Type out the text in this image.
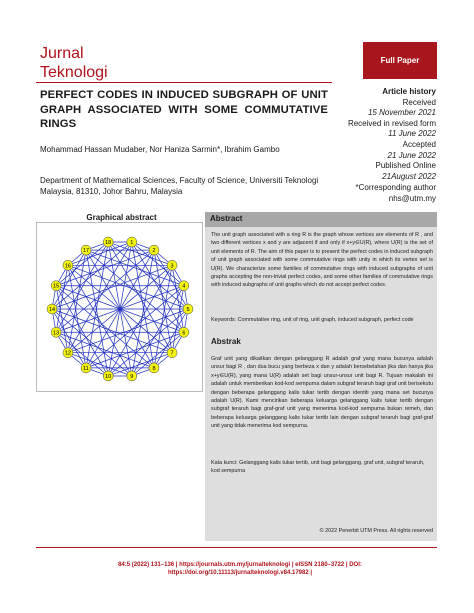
Jurnal
Teknologi
Full Paper
PERFECT CODES IN INDUCED SUBGRAPH OF UNIT GRAPH ASSOCIATED WITH SOME COMMUTATIVE RINGS
Mohammad Hassan Mudaber, Nor Haniza Sarmin*, Ibrahim Gambo
Department of Mathematical Sciences, Faculty of Science, Universiti Teknologi Malaysia, 81310, Johor Bahru, Malaysia
Article history
Received
15 November 2021
Received in revised form
11 June 2022
Accepted
21 June 2022
Published Online
21August 2022
*Corresponding author
nhs@utm.my
Graphical abstract
1
2
3
4
5
6
7
8
9
10
11
12
13
14
15
16
17
18
Abstract
The unit graph associated with a ring R is the graph whose vertices are elements of R , and two different vertices x and y are adjacent if and only if x+y∈U(R), where U(R) is the set of unit elements of R. The aim of this paper is to present the perfect codes in induced subgraph of unit graph associated with some commutative rings with unity in which its vertex set is U(R). We characterize some families of commutative rings with induced subgraphs of unit graphs accepting the non-trivial perfect codes, and some other families of commutative rings with induced subgraphs of unit graphs which do not accept perfect codes.
Keywords: Commutative ring, unit of ring, unit graph, induced subgraph, perfect code
Abstrak
Graf unit yang dikaitkan dengan gelanggang R adalah graf yang mana bucunya adalah unsur bagi R , dan dua bucu yang berbeza x dan y adalah bersebelahan jika dan hanya jika x+y∈U(R), yang mana U(R) adalah set bagi unsur-unsur unit bagi R. Tujuan makalah ini adalah untuk memberikan kod-kod sempurna dalam subgraf teraruh bagi graf unit berisekutu dengan beberapa gelanggang kalis tukar tertib dengan identiti yang mana set bucunya adalah U(R). Kami mencirikan beberapa keluarga gelanggang kalis tukar tertib dengan subgraf teraruh bagi graf-graf unit yang menerima kod-kod sempurna bukan remeh, dan beberapa keluarga gelanggang kalis tukar tertib lain dengan subgraf teraruh bagi graf-graf unit yang tidak menerima kod sempurna.
Kata kunci: Gelanggang kalis tukar tertib, unit bagi gelanggang, graf unit, subgraf teraruh, kod sempurna
© 2022 Penerbit UTM Press. All rights reserved
84:5 (2022) 131–136 | https://journals.utm.my/jurnalteknologi | eISSN 2180–3722 | DOI:
https://doi.org/10.11113/jurnalteknologi.v84.17982 |
